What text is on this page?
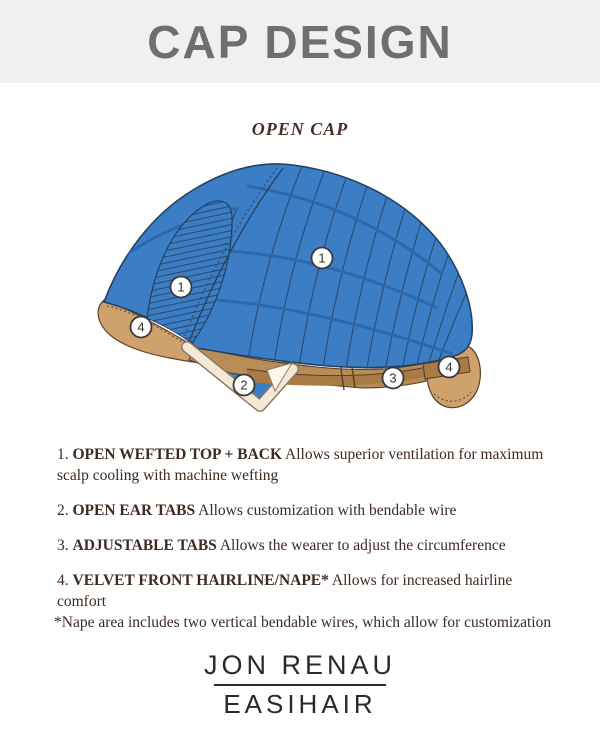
CAP DESIGN
OPEN CAP
1
1
2	3
4
4
1. OPEN WEFTED TOP + BACK Allows superior ventilation for maximum scalp cooling with machine wefting
2. OPEN EAR TABS Allows customization with bendable wire
3. ADJUSTABLE TABS Allows the wearer to adjust the circumference
4. VELVET FRONT HAIRLINE/NAPE* Allows for increased hairline comfort
*Nape area includes two vertical bendable wires, which allow for customization
JON RENAU
EASIHAIR
